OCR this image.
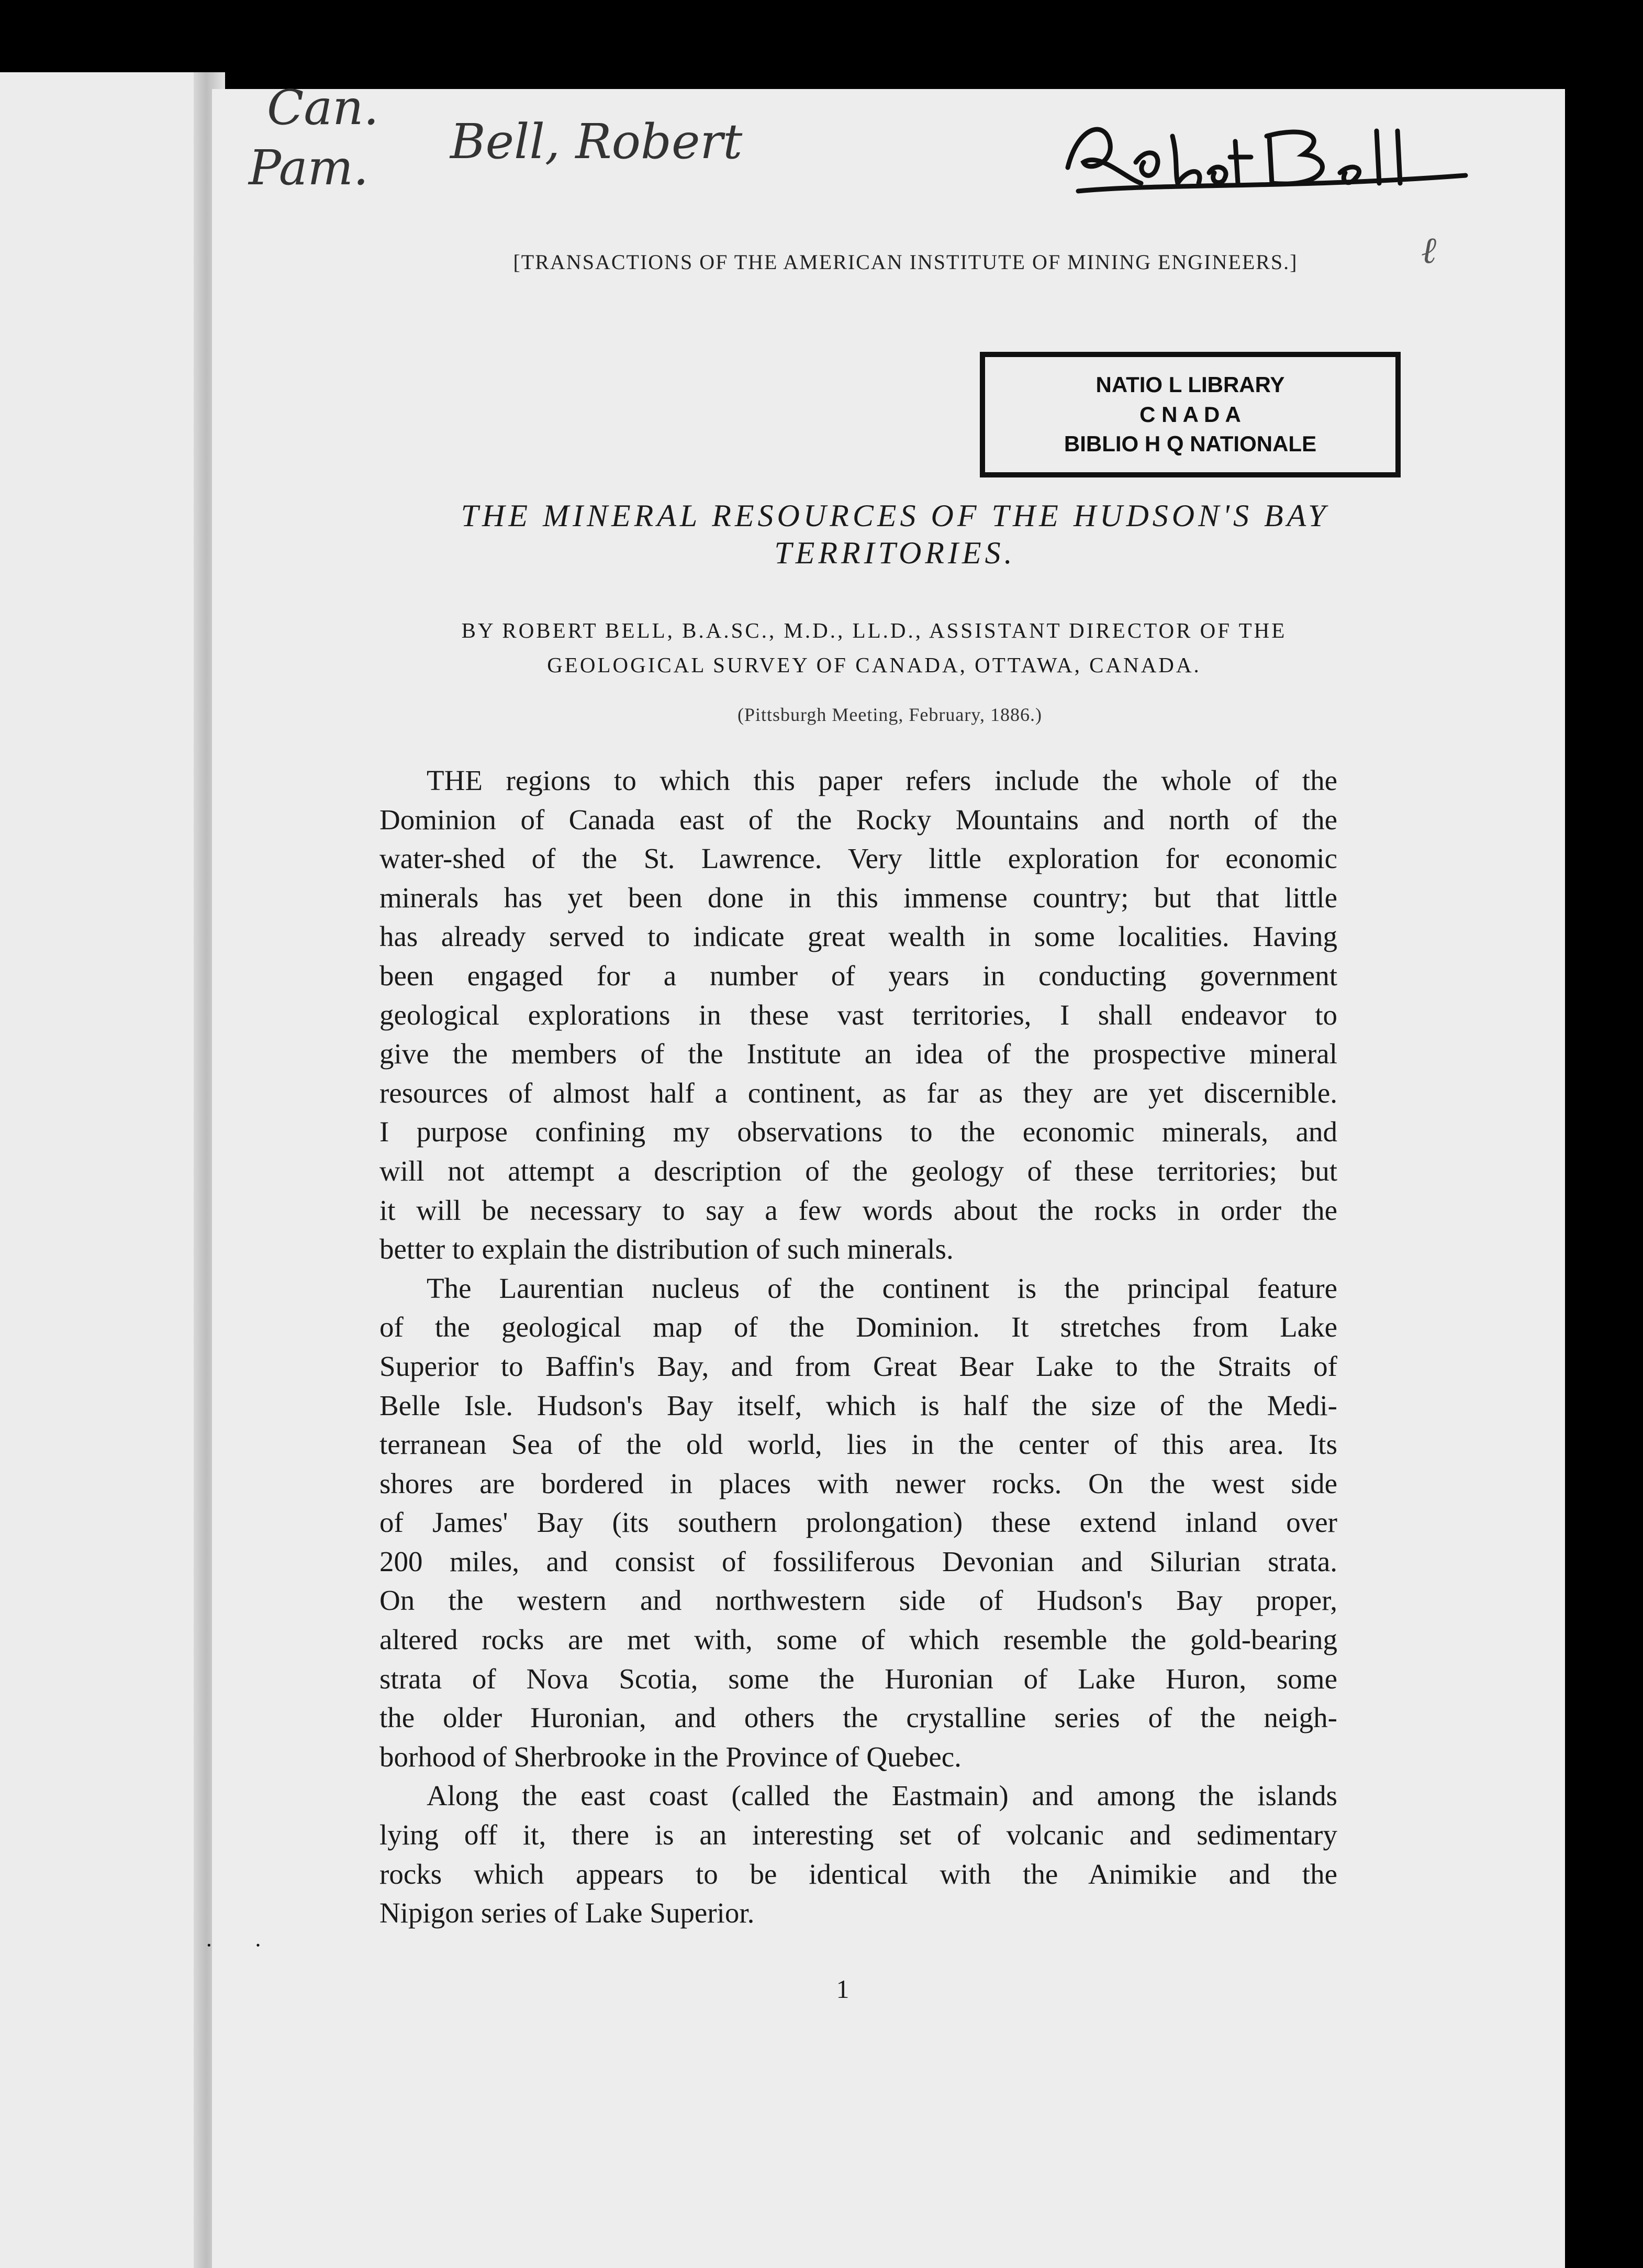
· ·
Can.
Pam. Bell, Robert
ℓ
[TRANSACTIONS OF THE AMERICAN INSTITUTE OF MINING ENGINEERS.]
NATIO L LIBRARY
C N A D A
BIBLIO H Q NATIONALE
THE MINERAL RESOURCES OF THE HUDSON'S BAY
TERRITORIES.
BY ROBERT BELL, B.A.SC., M.D., LL.D., ASSISTANT DIRECTOR OF THE
GEOLOGICAL SURVEY OF CANADA, OTTAWA, CANADA.
(Pittsburgh Meeting, February, 1886.)
THE regions to which this paper refers include the whole of the
Dominion of Canada east of the Rocky Mountains and north of the
water-shed of the St. Lawrence. Very little exploration for economic
minerals has yet been done in this immense country; but that little
has already served to indicate great wealth in some localities. Having
been engaged for a number of years in conducting government
geological explorations in these vast territories, I shall endeavor to
give the members of the Institute an idea of the prospective mineral
resources of almost half a continent, as far as they are yet discernible.
I purpose confining my observations to the economic minerals, and
will not attempt a description of the geology of these territories; but
it will be necessary to say a few words about the rocks in order the
better to explain the distribution of such minerals.
The Laurentian nucleus of the continent is the principal feature
of the geological map of the Dominion. It stretches from Lake
Superior to Baffin's Bay, and from Great Bear Lake to the Straits of
Belle Isle. Hudson's Bay itself, which is half the size of the Medi-
terranean Sea of the old world, lies in the center of this area. Its
shores are bordered in places with newer rocks. On the west side
of James' Bay (its southern prolongation) these extend inland over
200 miles, and consist of fossiliferous Devonian and Silurian strata.
On the western and northwestern side of Hudson's Bay proper,
altered rocks are met with, some of which resemble the gold-bearing
strata of Nova Scotia, some the Huronian of Lake Huron, some
the older Huronian, and others the crystalline series of the neigh-
borhood of Sherbrooke in the Province of Quebec.
Along the east coast (called the Eastmain) and among the islands
lying off it, there is an interesting set of volcanic and sedimentary
rocks which appears to be identical with the Animikie and the
Nipigon series of Lake Superior.
1
